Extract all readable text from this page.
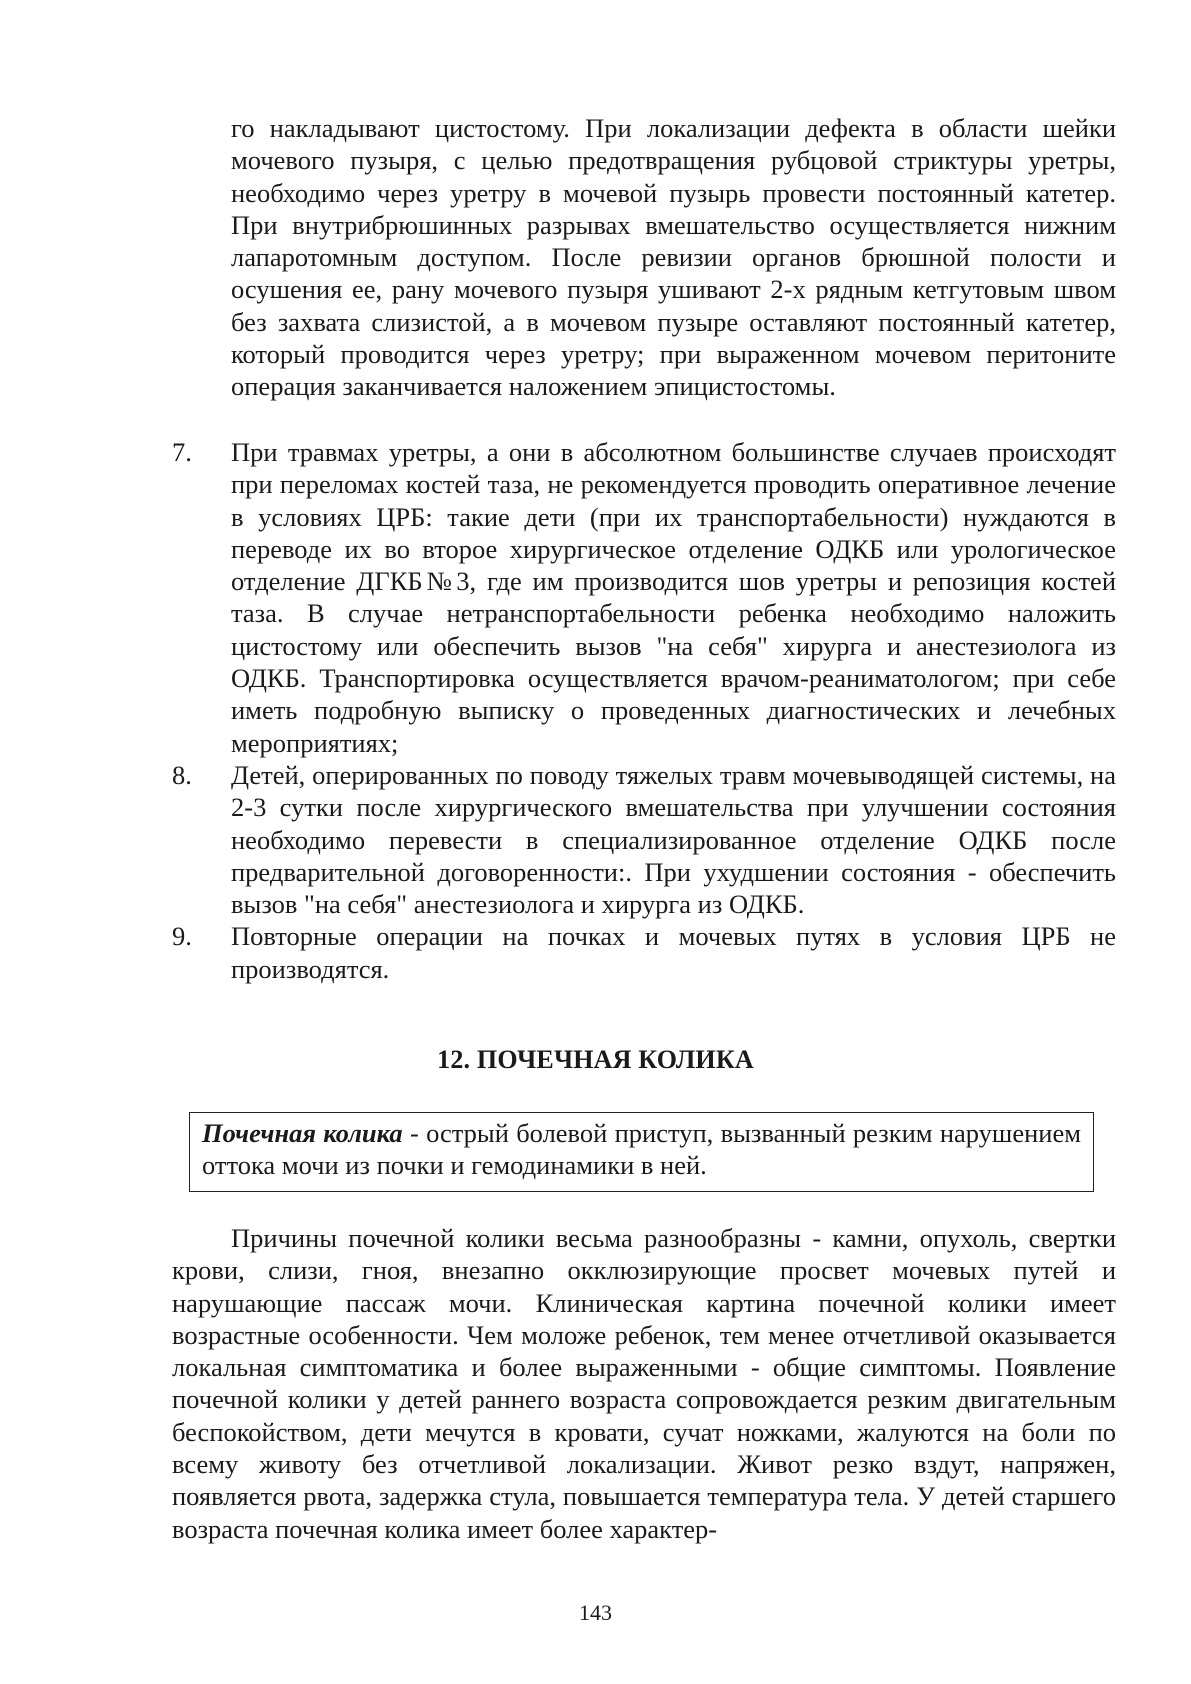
го накладывают цистостому. При локализации дефекта в области шейки мочевого пузыря, с целью предотвращения рубцовой стриктуры уретры, необходимо через уретру в мочевой пузырь провести постоянный катетер. При внутрибрюшинных разрывах вмешательство осуществляется нижним лапаротомным доступом. После ревизии органов брюшной полости и осушения ее, рану мочевого пузыря ушивают 2-х рядным кетгутовым швом без захвата слизистой, а в мочевом пузыре оставляют постоянный катетер, который проводится через уретру; при выраженном мочевом перитоните операция заканчивается наложением эпицистостомы.
7. При травмах уретры, а они в абсолютном большинстве случаев происходят при переломах костей таза, не рекомендуется проводить оперативное лечение в условиях ЦРБ: такие дети (при их транспортабельности) нуждаются в переводе их во второе хирургическое отделение ОДКБ или урологическое отделение ДГКБ№3, где им производится шов уретры и репозиция костей таза. В случае нетранспортабельности ребенка необходимо наложить цистостому или обеспечить вызов "на себя" хирурга и анестезиолога из ОДКБ. Транспортировка осуществляется врачом-реаниматологом; при себе иметь подробную выписку о проведенных диагностических и лечебных мероприятиях;
8. Детей, оперированных по поводу тяжелых травм мочевыводящей системы, на 2-3 сутки после хирургического вмешательства при улучшении состояния необходимо перевести в специализированное отделение ОДКБ после предварительной договоренности:. При ухудшении состояния - обеспечить вызов "на себя" анестезиолога и хирурга из ОДКБ.
9. Повторные операции на почках и мочевых путях в условия ЦРБ не производятся.
12. ПОЧЕЧНАЯ КОЛИКА
Почечная колика - острый болевой приступ, вызванный резким нарушением оттока мочи из почки и гемодинамики в ней.
Причины почечной колики весьма разнообразны - камни, опухоль, свертки крови, слизи, гноя, внезапно окклюзирующие просвет мочевых путей и нарушающие пассаж мочи. Клиническая картина почечной колики имеет возрастные особенности. Чем моложе ребенок, тем менее отчетливой оказывается локальная симптоматика и более выраженными - общие симптомы. Появление почечной колики у детей раннего возраста сопровождается резким двигательным беспокойством, дети мечутся в кровати, сучат ножками, жалуются на боли по всему животу без отчетливой локализации. Живот резко вздут, напряжен, появляется рвота, задержка стула, повышается температура тела. У детей старшего возраста почечная колика имеет более характер-
143
